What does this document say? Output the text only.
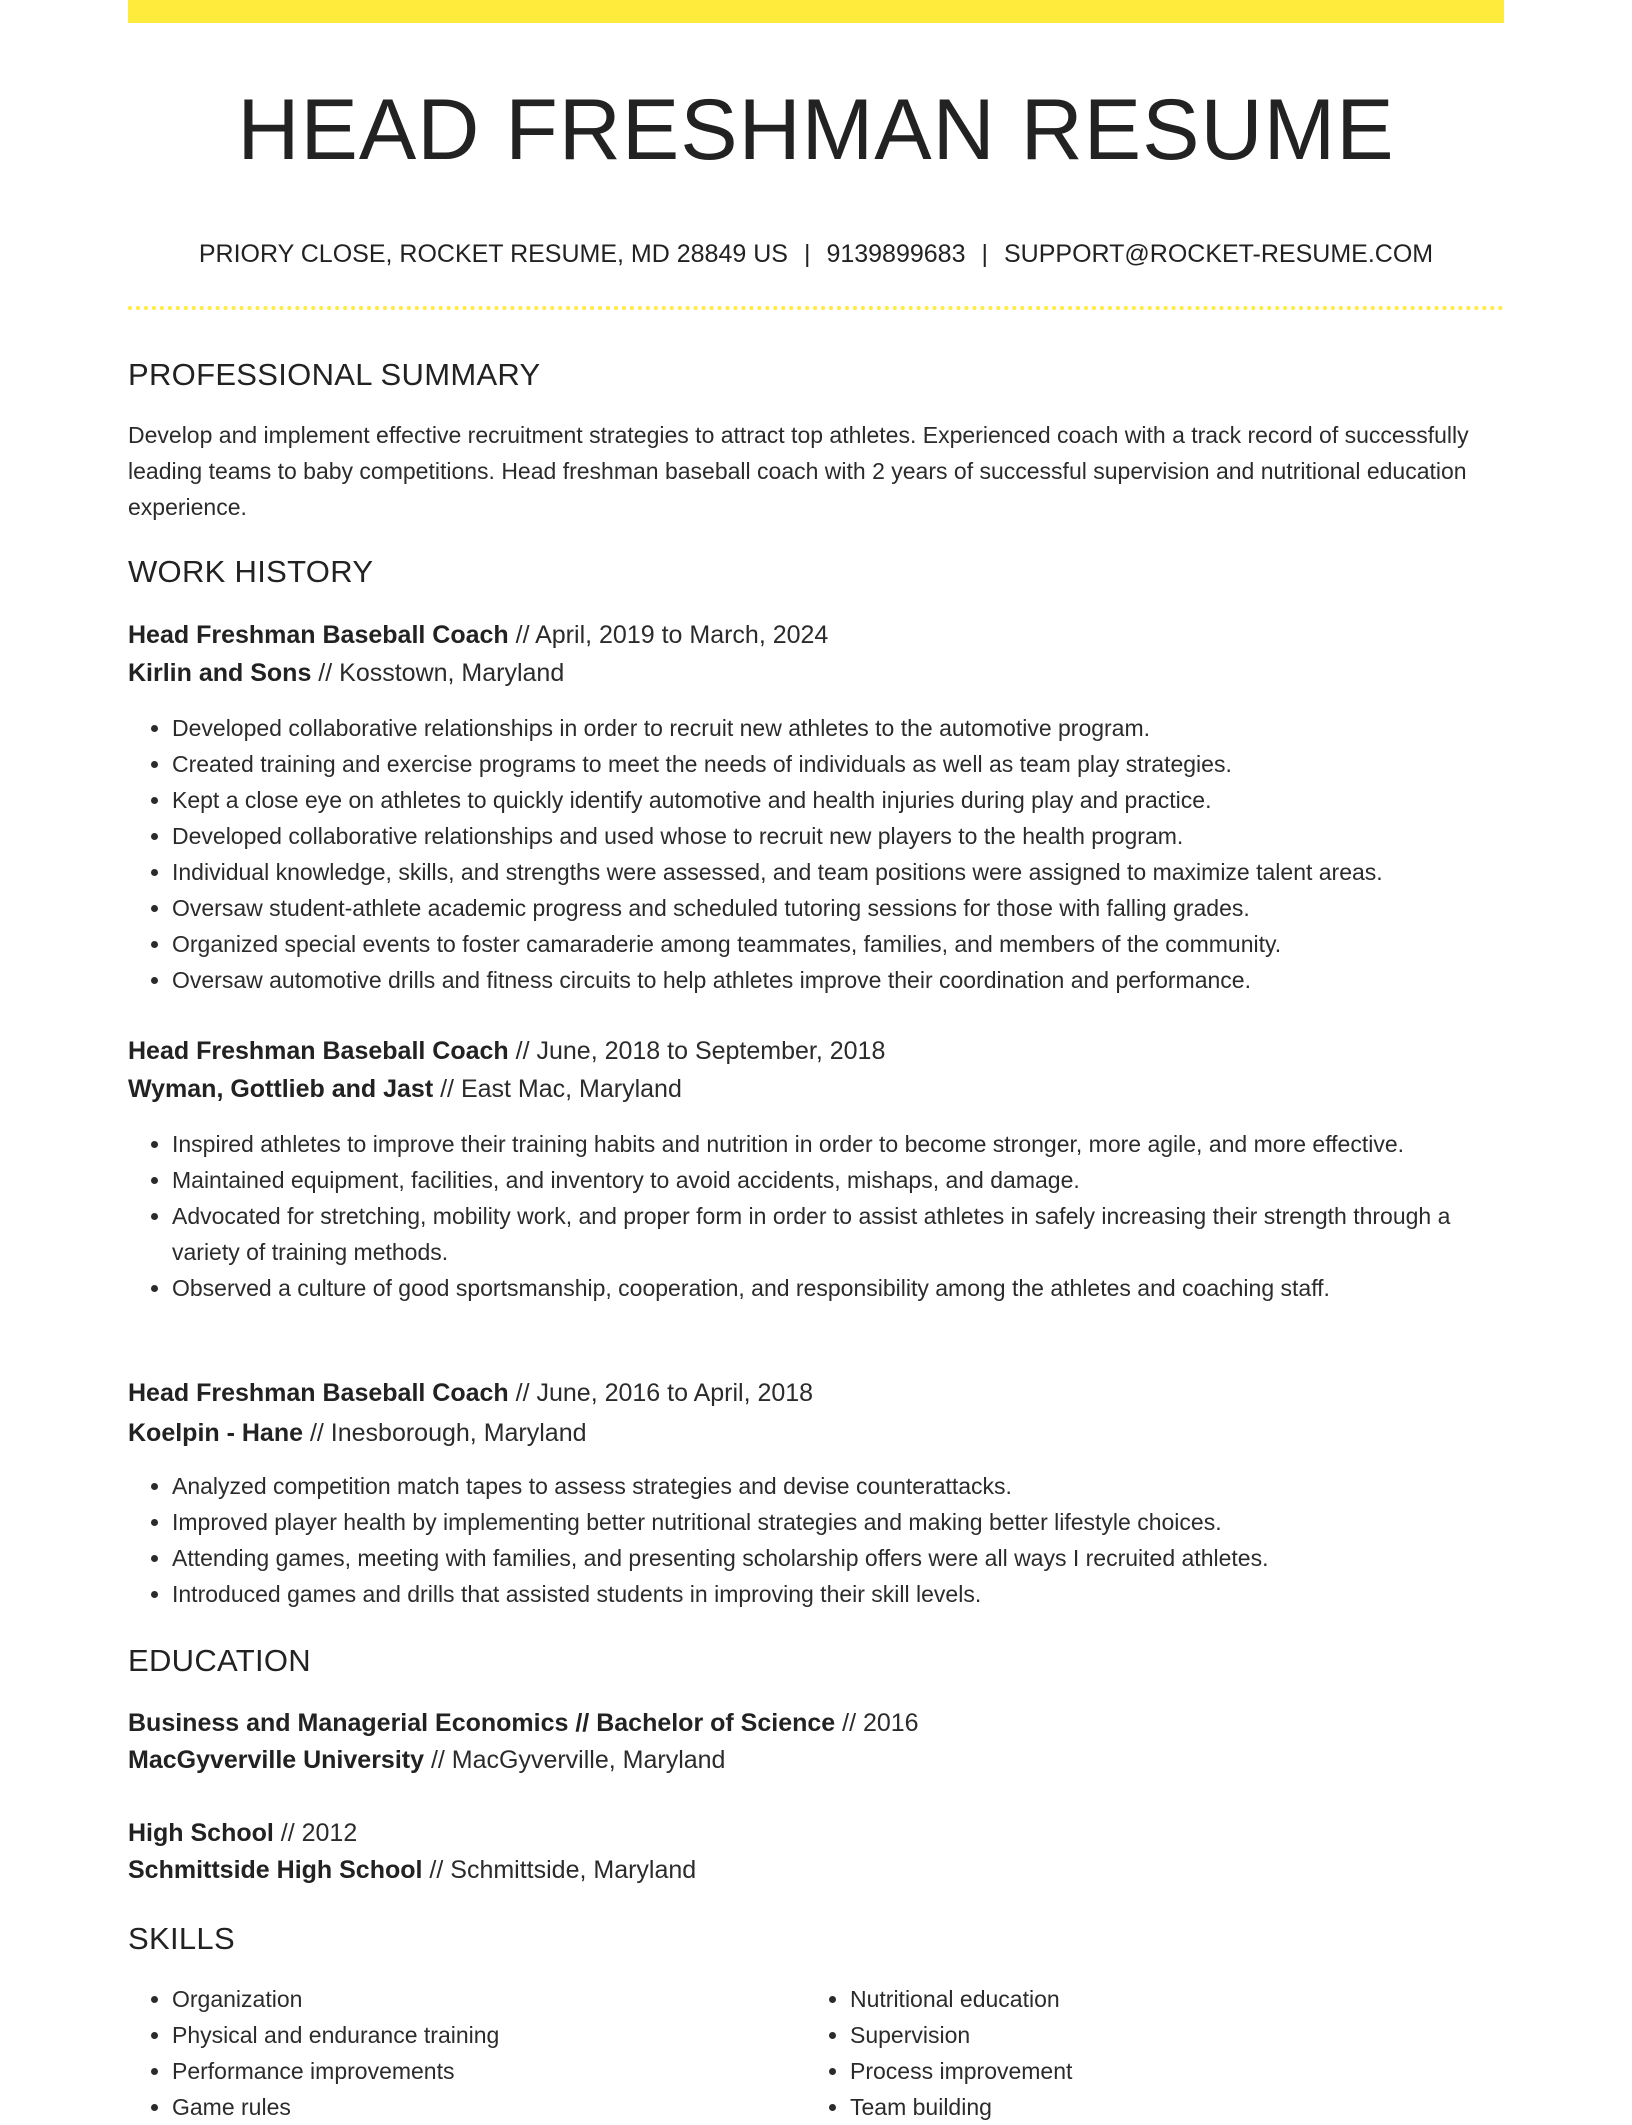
HEAD FRESHMAN RESUME
PRIORY CLOSE, ROCKET RESUME, MD 28849 US | 9139899683 | SUPPORT@ROCKET-RESUME.COM
PROFESSIONAL SUMMARY

Develop and implement effective recruitment strategies to attract top athletes. Experienced coach with a track record of successfully leading teams to baby competitions. Head freshman baseball coach with 2 years of successful supervision and nutritional education experience.

WORK HISTORY
Head Freshman Baseball Coach // April, 2019 to March, 2024
Kirlin and Sons // Kosstown, Maryland
• Developed collaborative relationships in order to recruit new athletes to the automotive program.
• Created training and exercise programs to meet the needs of individuals as well as team play strategies.
• Kept a close eye on athletes to quickly identify automotive and health injuries during play and practice.
• Developed collaborative relationships and used whose to recruit new players to the health program.
• Individual knowledge, skills, and strengths were assessed, and team positions were assigned to maximize talent areas.
• Oversaw student-athlete academic progress and scheduled tutoring sessions for those with falling grades.
• Organized special events to foster camaraderie among teammates, families, and members of the community.
• Oversaw automotive drills and fitness circuits to help athletes improve their coordination and performance.
Head Freshman Baseball Coach // June, 2018 to September, 2018
Wyman, Gottlieb and Jast // East Mac, Maryland
• Inspired athletes to improve their training habits and nutrition in order to become stronger, more agile, and more effective.
• Maintained equipment, facilities, and inventory to avoid accidents, mishaps, and damage.
• Advocated for stretching, mobility work, and proper form in order to assist athletes in safely increasing their strength through a variety of training methods.
• Observed a culture of good sportsmanship, cooperation, and responsibility among the athletes and coaching staff.
Head Freshman Baseball Coach // June, 2016 to April, 2018
Koelpin - Hane // Inesborough, Maryland
• Analyzed competition match tapes to assess strategies and devise counterattacks.
• Improved player health by implementing better nutritional strategies and making better lifestyle choices.
• Attending games, meeting with families, and presenting scholarship offers were all ways I recruited athletes.
• Introduced games and drills that assisted students in improving their skill levels.
EDUCATION
Business and Managerial Economics // Bachelor of Science // 2016
MacGyverville University // MacGyverville, Maryland
High School // 2012
Schmittside High School // Schmittside, Maryland
SKILLS
• Organization
• Physical and endurance training
• Performance improvements
• Game rules
• Nutritional education
• Supervision
• Process improvement
• Team building
